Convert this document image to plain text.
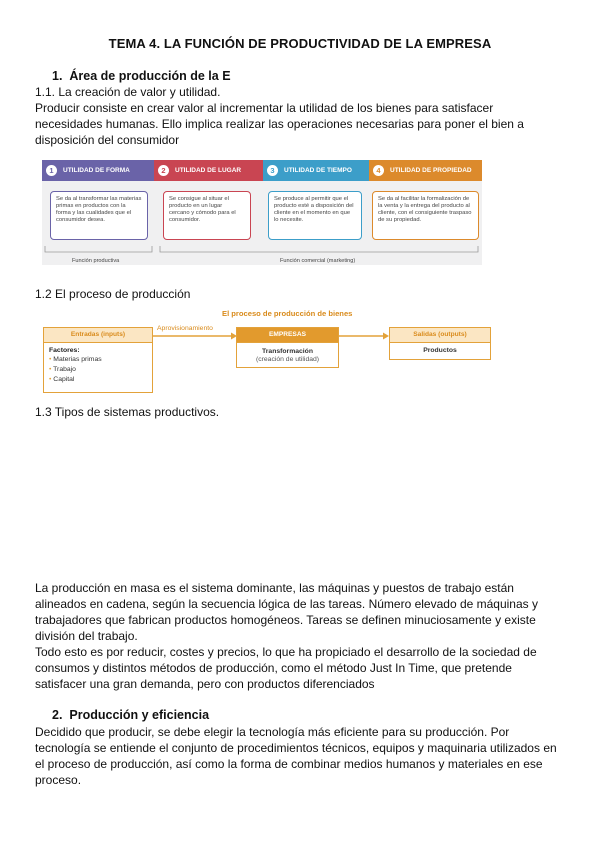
TEMA 4. LA FUNCIÓN DE PRODUCTIVIDAD DE LA EMPRESA
1. Área de producción de la E
1.1. La creación de valor y utilidad.
Producir consiste en crear valor al incrementar la utilidad de los bienes para satisfacer
necesidades humanas. Ello implica realizar las operaciones necesarias para poner el bien a
disposición del consumidor
1	UTILIDAD DE FORMA	2	UTILIDAD DE LUGAR	3	UTILIDAD DE TIEMPO	4	UTILIDAD DE PROPIEDAD
Se da al transformar las materias
primas en productos con la
forma y las cualidades que el
consumidor desea.
Se consigue al situar el
producto en un lugar
cercano y cómodo para el
consumidor.
Se produce al permitir que el
producto esté a disposición del
cliente en el momento en que
lo necesite.
Se da al facilitar la formalización de
la venta y la entrega del producto al
cliente, con el consiguiente traspaso
de su propiedad.
Función productiva	Función comercial (marketing)
1.2 El proceso de producción
El proceso de producción de bienes
Entradas (inputs)
Factores:
• Materias primas
• Trabajo
• Capital
Aprovisionamiento
EMPRESAS
Transformación
(creación de utilidad)
Salidas (outputs)
Productos
1.3 Tipos de sistemas productivos.
La producción en masa es el sistema dominante, las máquinas y puestos de trabajo están
alineados en cadena, según la secuencia lógica de las tareas. Número elevado de máquinas y
trabajadores que fabrican productos homogéneos. Tareas se definen minuciosamente y existe
división del trabajo.
Todo esto es por reducir, costes y precios, lo que ha propiciado el desarrollo de la sociedad de
consumos y distintos métodos de producción, como el método Just In Time, que pretende
satisfacer una gran demanda, pero con productos diferenciados
2. Producción y eficiencia
Decidido que producir, se debe elegir la tecnología más eficiente para su producción. Por
tecnología se entiende el conjunto de procedimientos técnicos, equipos y maquinaria utilizados en
el proceso de producción, así como la forma de combinar medios humanos y materiales en ese
proceso.
